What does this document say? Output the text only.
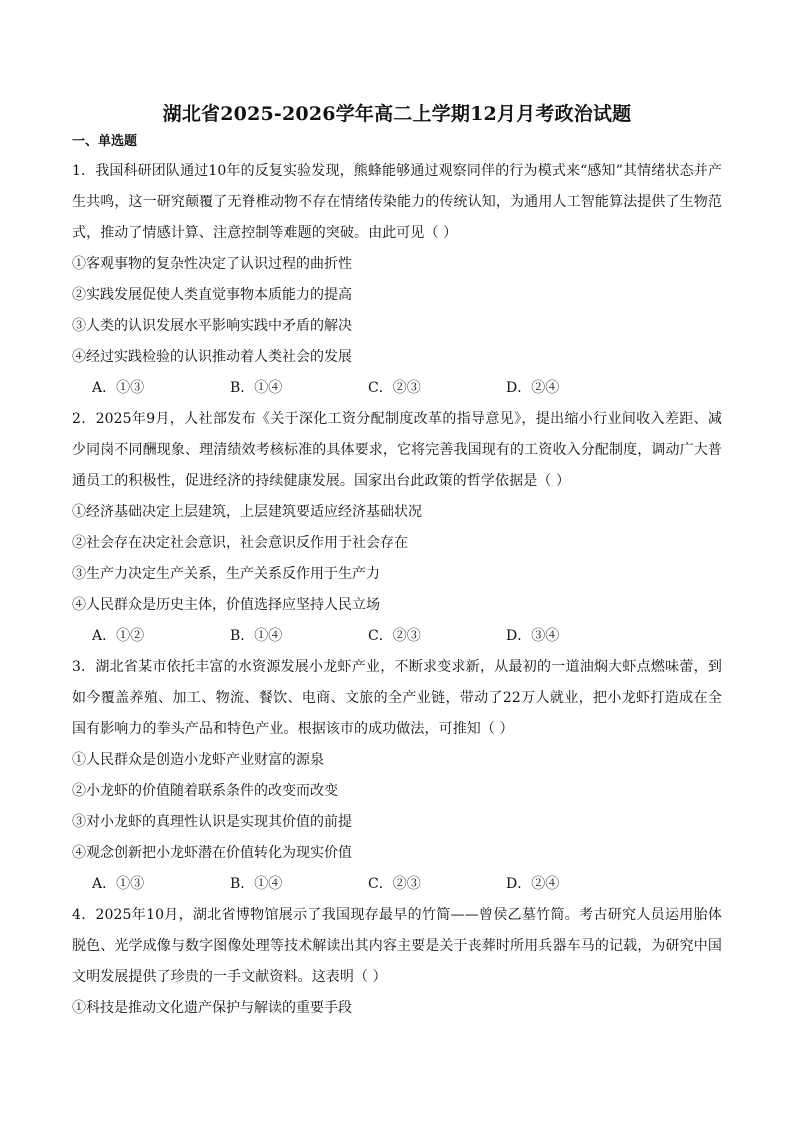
湖北省2025-2026学年高二上学期12月月考政治试题
一、单选题

1．我国科研团队通过10年的反复实验发现，熊蜂能够通过观察同伴的行为模式来“感知”其情绪状态并产生共鸣，这一研究颠覆了无脊椎动物不存在情绪传染能力的传统认知，为通用人工智能算法提供了生物范式，推动了情感计算、注意控制等难题的突破。由此可见（ ）

①客观事物的复杂性决定了认识过程的曲折性

②实践发展促使人类直觉事物本质能力的提高

③人类的认识发展水平影响实践中矛盾的解决

④经过实践检验的认识推动着人类社会的发展

A．①③	B．①④	C．②③	D．②④

2．2025年9月，人社部发布《关于深化工资分配制度改革的指导意见》，提出缩小行业间收入差距、减少同岗不同酬现象、理清绩效考核标准的具体要求，它将完善我国现有的工资收入分配制度，调动广大普通员工的积极性，促进经济的持续健康发展。国家出台此政策的哲学依据是（ ）

①经济基础决定上层建筑，上层建筑要适应经济基础状况

②社会存在决定社会意识，社会意识反作用于社会存在

③生产力决定生产关系，生产关系反作用于生产力

④人民群众是历史主体，价值选择应坚持人民立场

A．①②	B．①④	C．②③	D．③④

3．湖北省某市依托丰富的水资源发展小龙虾产业，不断求变求新，从最初的一道油焖大虾点燃味蕾，到如今覆盖养殖、加工、物流、餐饮、电商、文旅的全产业链，带动了22万人就业，把小龙虾打造成在全国有影响力的拳头产品和特色产业。根据该市的成功做法，可推知（ ）

①人民群众是创造小龙虾产业财富的源泉

②小龙虾的价值随着联系条件的改变而改变

③对小龙虾的真理性认识是实现其价值的前提

④观念创新把小龙虾潜在价值转化为现实价值

A．①③	B．①④	C．②③	D．②④

4．2025年10月，湖北省博物馆展示了我国现存最早的竹简——曾侯乙墓竹简。考古研究人员运用胎体脱色、光学成像与数字图像处理等技术解读出其内容主要是关于丧葬时所用兵器车马的记载，为研究中国文明发展提供了珍贵的一手文献资料。这表明（ ）

①科技是推动文化遗产保护与解读的重要手段
